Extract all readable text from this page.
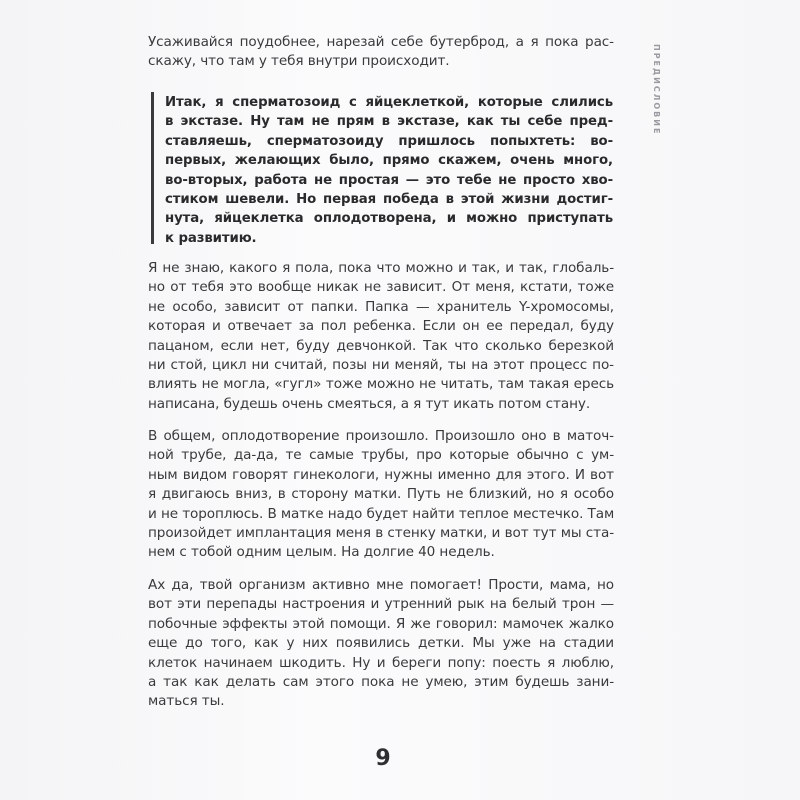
ПРЕДИСЛОВИЕ
Усаживайся поудобнее, нарезай себе бутерброд, а я пока рас-
скажу, что там у тебя внутри происходит.
Итак, я сперматозоид с яйцеклеткой, которые слились
в экстазе. Ну там не прям в экстазе, как ты себе пред-
ставляешь, сперматозоиду пришлось попыхтеть: во-
первых, желающих было, прямо скажем, очень много,
во-вторых, работа не простая — это тебе не просто хво-
стиком шевели. Но первая победа в этой жизни достиг-
нута, яйцеклетка оплодотворена, и можно приступать
к развитию.
Я не знаю, какого я пола, пока что можно и так, и так, глобаль-
но от тебя это вообще никак не зависит. От меня, кстати, тоже
не особо, зависит от папки. Папка — хранитель Y-хромосомы,
которая и отвечает за пол ребенка. Если он ее передал, буду
пацаном, если нет, буду девчонкой. Так что сколько березкой
ни стой, цикл ни считай, позы ни меняй, ты на этот процесс по-
влиять не могла, «гугл» тоже можно не читать, там такая ересь
написана, будешь очень смеяться, а я тут икать потом стану.
В общем, оплодотворение произошло. Произошло оно в маточ-
ной трубе, да-да, те самые трубы, про которые обычно с ум-
ным видом говорят гинекологи, нужны именно для этого. И вот
я двигаюсь вниз, в сторону матки. Путь не близкий, но я особо
и не тороплюсь. В матке надо будет найти теплое местечко. Там
произойдет имплантация меня в стенку матки, и вот тут мы ста-
нем с тобой одним целым. На долгие 40 недель.
Ах да, твой организм активно мне помогает! Прости, мама, но
вот эти перепады настроения и утренний рык на белый трон —
побочные эффекты этой помощи. Я же говорил: мамочек жалко
еще до того, как у них появились детки. Мы уже на стадии
клеток начинаем шкодить. Ну и береги попу: поесть я люблю,
а так как делать сам этого пока не умею, этим будешь зани-
маться ты.
9
